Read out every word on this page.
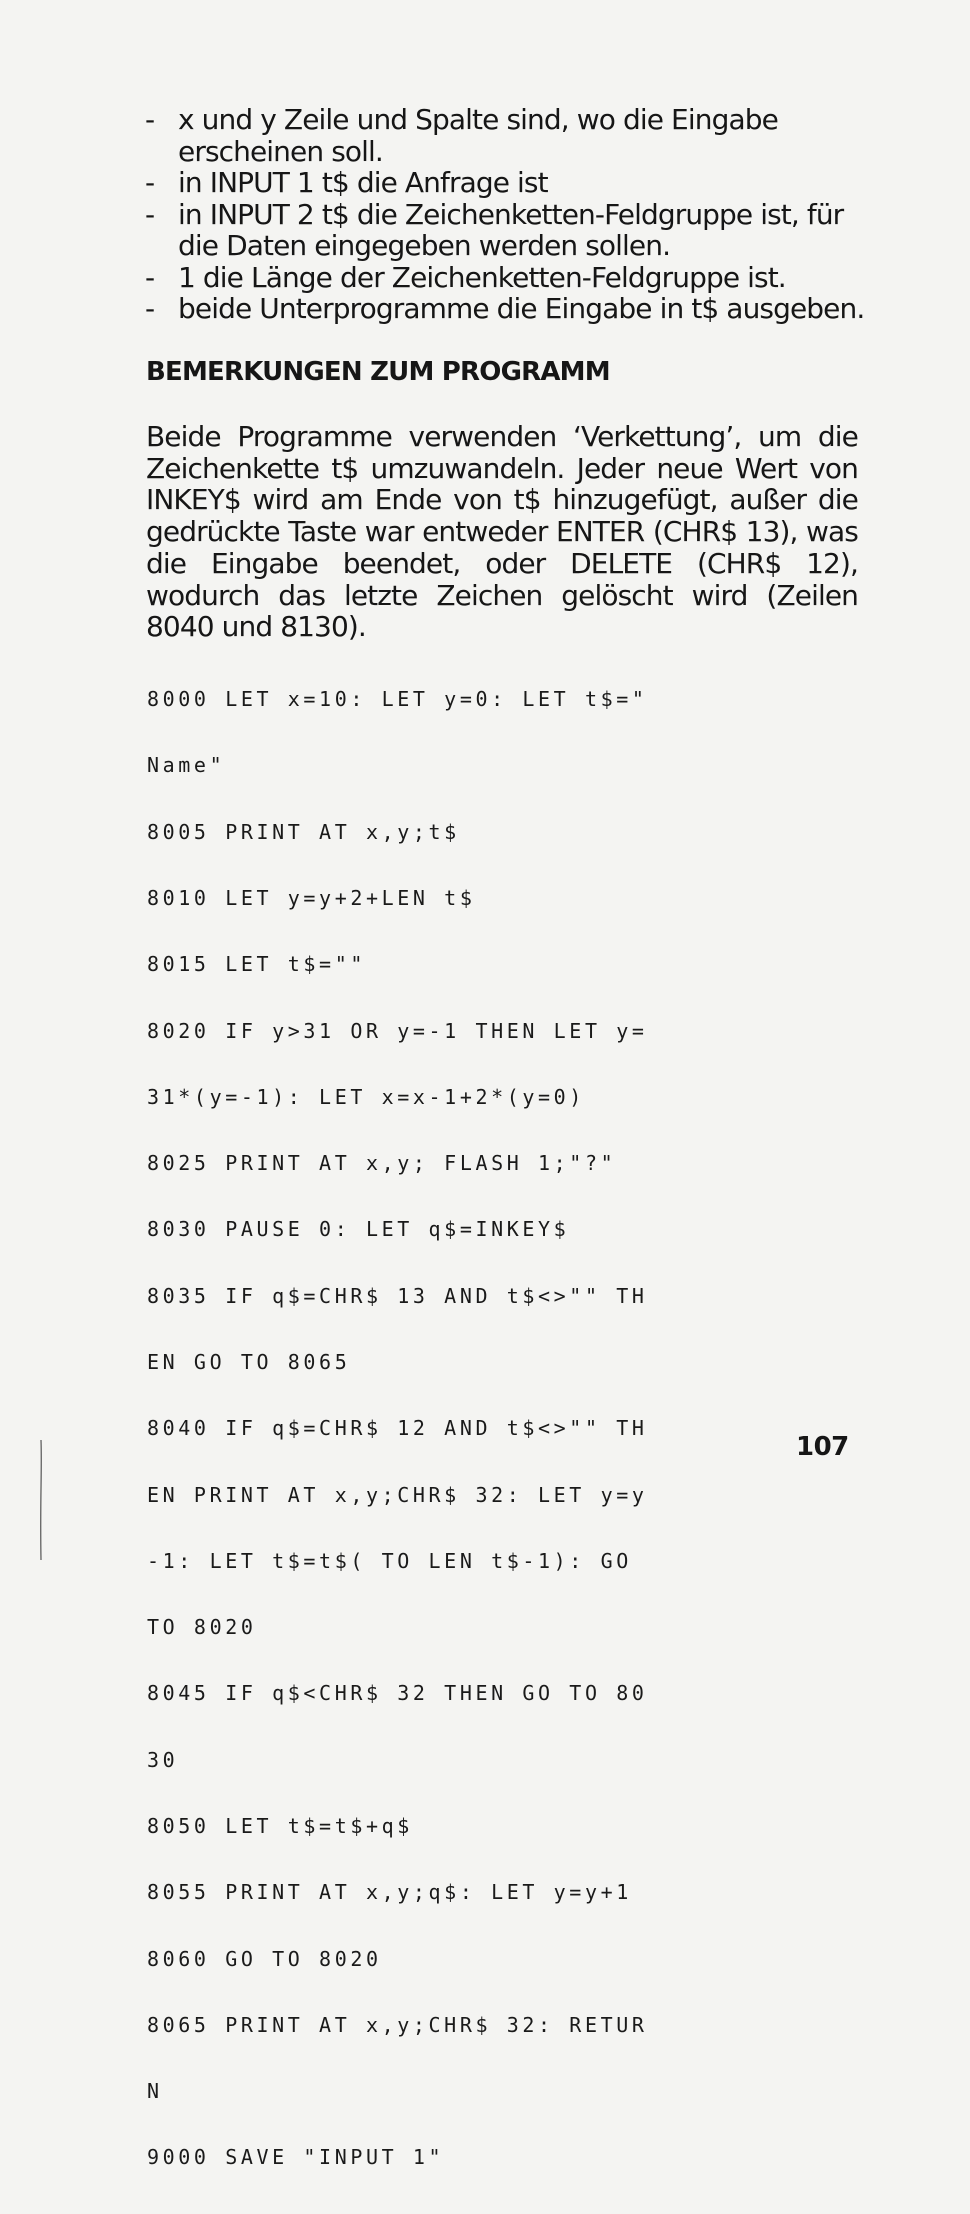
- x und y Zeile und Spalte sind, wo die Eingabe erscheinen soll.
- in INPUT 1 t$ die Anfrage ist
- in INPUT 2 t$ die Zeichenketten-Feldgruppe ist, für die Daten eingegeben werden sollen.
- 1 die Länge der Zeichenketten-Feldgruppe ist.
- beide Unterprogramme die Eingabe in t$ ausgeben.
BEMERKUNGEN ZUM PROGRAMM

Beide Programme verwenden ‘Verkettung’, um die Zeichenkette t$ umzuwandeln. Jeder neue Wert von INKEY$ wird am Ende von t$ hinzugefügt, außer die gedrückte Taste war entweder ENTER (CHR$ 13), was die Eingabe beendet, oder DELETE (CHR$ 12), wodurch das letzte Zeichen gelöscht wird (Zeilen 8040 und 8130).

8000 LET x=10: LET y=0: LET t$="

Name"

8005 PRINT AT x,y;t$

8010 LET y=y+2+LEN t$

8015 LET t$=""

8020 IF y>31 OR y=-1 THEN LET y=

31*(y=-1): LET x=x-1+2*(y=0)

8025 PRINT AT x,y; FLASH 1;"?"

8030 PAUSE 0: LET q$=INKEY$

8035 IF q$=CHR$ 13 AND t$<>"" TH

EN GO TO 8065

8040 IF q$=CHR$ 12 AND t$<>"" TH

EN PRINT AT x,y;CHR$ 32: LET y=y

-1: LET t$=t$( TO LEN t$-1): GO

TO 8020

8045 IF q$<CHR$ 32 THEN GO TO 80

30

8050 LET t$=t$+q$

8055 PRINT AT x,y;q$: LET y=y+1

8060 GO TO 8020

8065 PRINT AT x,y;CHR$ 32: RETUR

N

9000 SAVE "INPUT 1"

107
